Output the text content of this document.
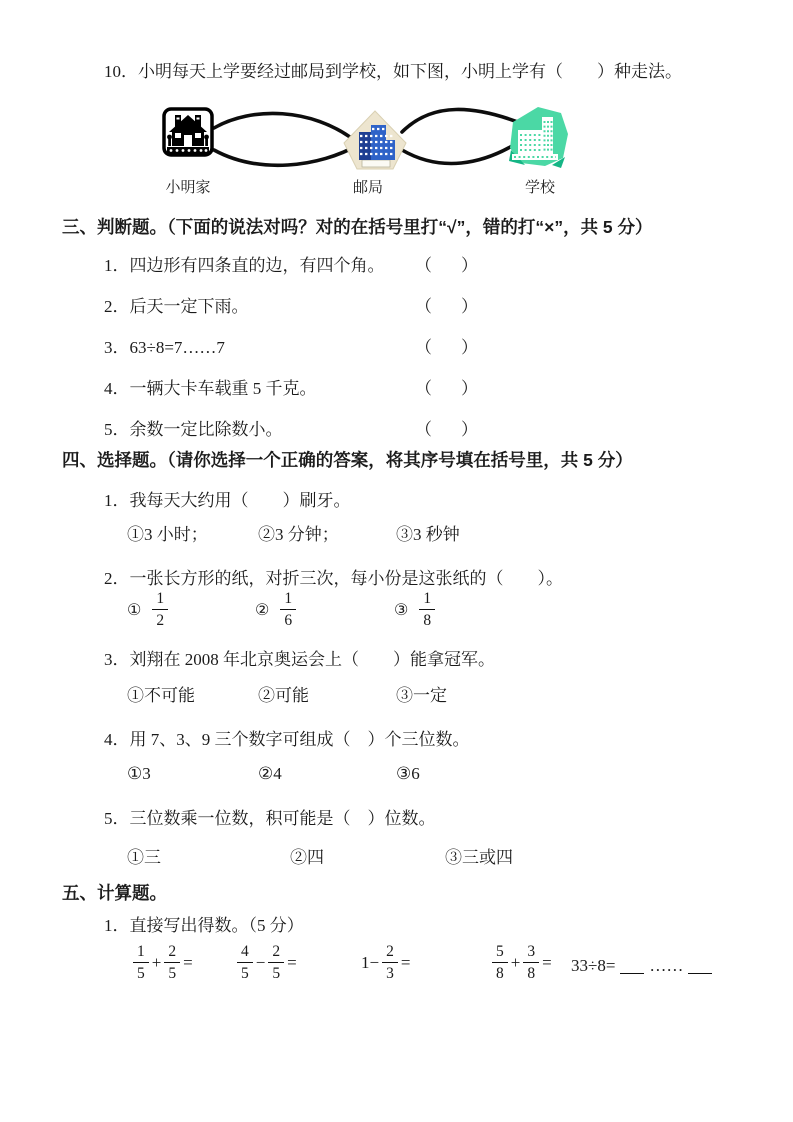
10．小明每天上学要经过邮局到学校，如下图，小明上学有（　　）种走法。
小明家	邮局	学校
三、判断题。（下面的说法对吗？对的在括号里打“√”，错的打“×”，共 5 分）
1．四边形有四条直的边，有四个角。	（　）
2．后天一定下雨。	（　）
3．63÷8=7……7	（　）
4．一辆大卡车载重 5 千克。	（　）
5．余数一定比除数小。	（　）
四、选择题。（请你选择一个正确的答案，将其序号填在括号里，共 5 分）
1．我每天大约用（　　）刷牙。
①3 小时；	②3 分钟；	③3 秒钟
2．一张长方形的纸，对折三次，每小份是这张纸的（　　）。
① $\frac{1}{2}$	② $\frac{1}{6}$	③ $\frac{1}{8}$
3．刘翔在 2008 年北京奥运会上（　　）能拿冠军。
①不可能	②可能	③一定
4．用 7、3、9 三个数字可组成（　）个三位数。
①3	②4	③6
5．三位数乘一位数，积可能是（　）位数。
①三	②四	③三或四
五、计算题。
1．直接写出得数。（5 分）
$\frac{1}{5} + \frac{2}{5}$ =	$\frac{4}{5} - \frac{2}{5}$ =	$1- \frac{2}{3}$ =	$\frac{5}{8} + \frac{3}{8} = 33\div 8=$ ……
